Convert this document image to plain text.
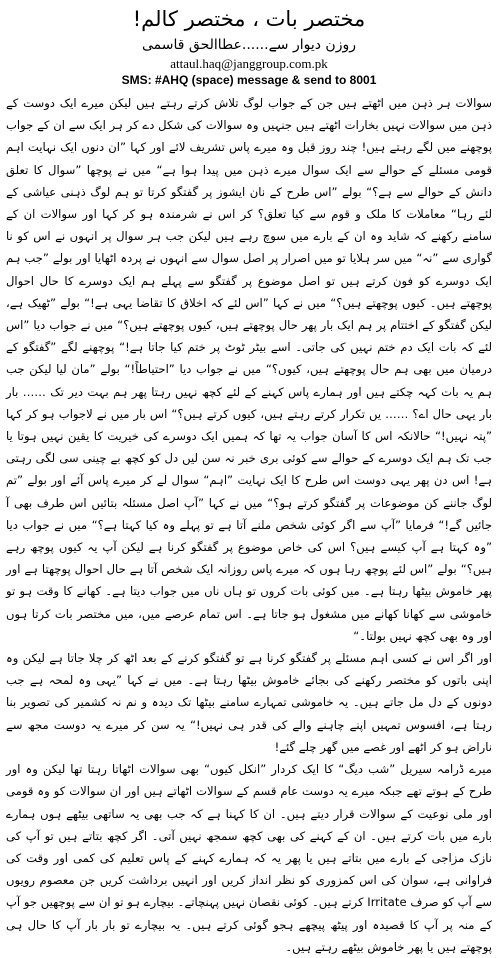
مختصر بات ، مختصر کالم!
روزن دیوار سے......عطاالحق قاسمی
attaul.haq@janggroup.com.pk
SMS: #AHQ (space) message & send to 8001

سوالات ہر ذہن میں اٹھتے ہیں جن کے جواب لوگ تلاش کرتے رہتے ہیں لیکن میرے ایک دوست کے ذہن میں سوالات نہیں بخارات اٹھتے ہیں جنہیں وہ سوالات کی شکل دے کر ہر ایک سے ان کے جواب پوچھنے میں لگے رہتے ہیں! چند روز قبل وہ میرے پاس تشریف لائے اور کہا ”ان دنوں ایک نہایت اہم قومی مسئلے کے حوالے سے ایک سوال میرے ذہن میں پیدا ہوا ہے“ میں نے پوچھا ”سوال کا تعلق دانش کے حوالے سے ہے؟“ بولے ”اس طرح کے نان ایشوز پر گفتگو کرتا تو ہم لوگ ذہنی عیاشی کے لئے رہا“ معاملات کا ملک و قوم سے کیا تعلق؟ کر اس نے شرمندہ ہو کر کہا اور سوالات ان کے سامنے رکھنے کہ شاید وہ ان کے بارے میں سوچ رہے ہیں لیکن جب ہر سوال پر انہوں نے اس کو نا گواری سے ”نہ“ میں سر ہلایا تو میں اصرار پر اصل سوال سے انہوں نے پردہ اٹھایا اور بولے ”جب ہم ایک دوسرے کو فون کرتے ہیں تو اصل موضوع پر گفتگو سے پہلے ہم ایک دوسرے کا حال احوال پوچھتے ہیں۔ کیوں پوچھتے ہیں؟“ میں نے کہا ”اس لئے کہ اخلاق کا تقاضا یہی ہے!“ بولے ”ٹھیک ہے، لیکن گفتگو کے اختتام پر ہم ایک بار پھر حال پوچھتے ہیں، کیوں پوچھتے ہیں؟“ میں نے جواب دیا ”اس لئے کہ بات ایک دم ختم نہیں کی جاتی۔ اسے بیٹر ٹوٹ پر ختم کیا جاتا ہے!“ پوچھنے لگے ”گفتگو کے درمیان میں بھی ہم حال پوچھتے ہیں، کیوں؟“ میں نے جواب دیا ”احتیاطاً!“ بولے ”مان لیا لیکن جب ہم یہ بات کہہ چکتے ہیں اور ہمارے پاس کہنے کے لئے کچھ نہیں رہتا پھر ہم بہت دیر تک …… بار بار یہی حال اے؟ …… یں تکرار کرتے رہتے ہیں، کیوں کرتے ہیں؟“ اس بار میں نے لاجواب ہو کر کہا ”پتہ نہیں!“ حالانکہ اس کا آسان جواب یہ تھا کہ ہمیں ایک دوسرے کی خیریت کا یقین نہیں ہوتا یا جب تک ہم ایک دوسرے کے حوالے سے کوئی بری خبر نہ سن لیں دل کو کچھ بے چینی سی لگی رہتی ہے! اس دن پھر یہی دوست اس طرح کا ایک نہایت ”اہم“ سوال لے کر میرے پاس آئے اور بولے ”تم لوگ جاننے کن موضوعات پر گفتگو کرتے ہو؟“ میں نے کہا ”آپ اصل مسئلہ بتائیں اس طرف بھی آ جائیں گے!“ فرمایا ”آپ سے اگر کوئی شخص ملنے آتا ہے تو پہلے وہ کیا کہتا ہے؟“ میں نے جواب دیا ”وہ کہتا ہے آپ کیسے ہیں؟ اس کی خاص موضوع پر گفتگو کرنا ہے لیکن آپ یہ کیوں پوچھ رہے ہیں؟“ بولے ”اس لئے پوچھ رہا ہوں کہ میرے پاس روزانہ ایک شخص آتا ہے حال احوال پوچھتا ہے اور پھر خاموش بیٹھا رہتا ہے۔ میں کوئی بات کروں تو ہاں ناں میں جواب دیتا ہے۔ کھانے کا وقت ہو تو خاموشی سے کھانا کھانے میں مشغول ہو جاتا ہے۔ اس تمام عرصے میں، میں مختصر بات کرتا ہوں اور وہ بھی کچھ نہیں بولتا۔“

اور اگر اس نے کسی اہم مسئلے پر گفتگو کرنا ہے تو گفتگو کرنے کے بعد اٹھ کر چلا جاتا ہے لیکن وہ اپنی باتوں کو مختصر رکھنے کی بجائے خاموش بیٹھا رہتا ہے۔ میں نے کہا ”یہی وہ لمحہ ہے جب دونوں کے دل مل جاتے ہیں۔ یہ خاموشی تمہارے سامنے بیٹھا تک دیدہ و نم نہ کشمیر کی تصویر بنا رہتا ہے، افسوس تمہیں اپنے چاہنے والے کی قدر ہی نہیں!“ یہ سن کر میرے یہ دوست مجھ سے ناراض ہو کر اٹھے اور غصے میں گھر چلے گئے!

میرے ڈرامہ سیریل ”شب دیگ“ کا ایک کردار ”انکل کیوں“ بھی سوالات اٹھاتا رہتا تھا لیکن وہ اور طرح کے ہوتے تھے جبکہ میرے یہ دوست عام قسم کے سوالات اٹھاتے ہیں اور ان سوالات کو وہ قومی اور ملی نوعیت کے سوالات قرار دیتے ہیں۔ ان کا کہنا ہے کہ جب بھی یہ ساتھی بیٹھے ہوں ہمارے بارے میں بات کرتے ہیں۔ ان کے کہنے کی بھی کچھ سمجھ نہیں آتی۔ اگر کچھ بتاتے ہیں تو آپ کی نازک مزاجی کے بارے میں بتاتے ہیں یا پھر یہ کہ ہمارے کہنے کے پاس تعلیم کی کمی اور وقت کی فراوانی ہے، سوان کی اس کمزوری کو نظر انداز کریں اور انہیں برداشت کریں جن معصوم رویوں سے آپ کو صرف Irritate کرتے ہیں۔ کوئی نقصان نہیں پہنچاتے۔ بیچارے ہو تو ان سے پوچھیں جو آپ کے منہ پر آپ کا قصیدہ اور پیٹھ پیچھے ہجو گوئی کرتے ہیں۔ یہ بیچارے تو بار بار آپ کا حال ہی پوچھتے ہیں یا پھر خاموش بیٹھے رہتے ہیں۔
